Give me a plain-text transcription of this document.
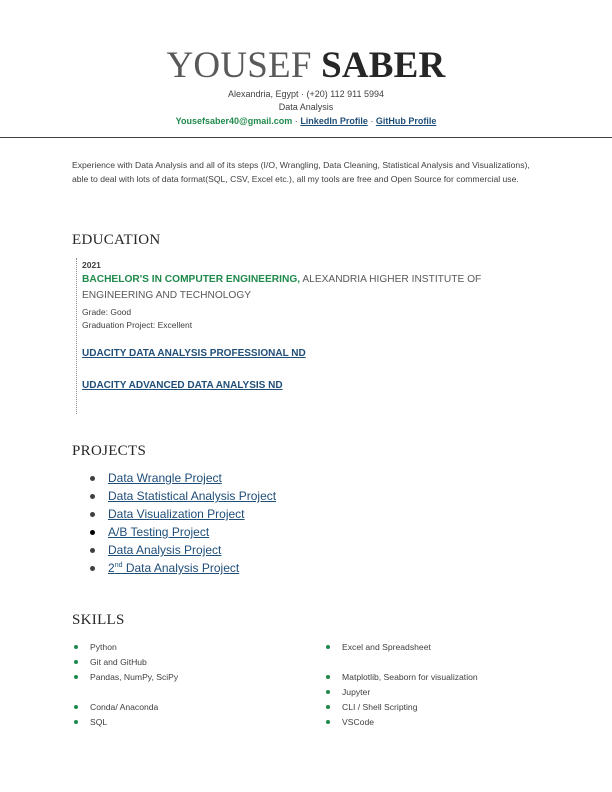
YOUSEF SABER
Alexandria, Egypt · (+20) 112 911 5994
Data Analysis
Yousefsaber40@gmail.com · LinkedIn Profile · GitHub Profile
Experience with Data Analysis and all of its steps (I/O, Wrangling, Data Cleaning, Statistical Analysis and Visualizations), able to deal with lots of data format(SQL, CSV, Excel etc.), all my tools are free and Open Source for commercial use.
EDUCATION
2021
BACHELOR'S IN COMPUTER ENGINEERING, ALEXANDRIA HIGHER INSTITUTE OF ENGINEERING AND TECHNOLOGY
Grade: Good
Graduation Project: Excellent
UDACITY DATA ANALYSIS PROFESSIONAL ND
UDACITY ADVANCED DATA ANALYSIS ND
PROJECTS
Data Wrangle Project
Data Statistical Analysis Project
Data Visualization Project
A/B Testing Project
Data Analysis Project
2nd Data Analysis Project
SKILLS
Python
Git and GitHub
Pandas, NumPy, SciPy
Conda/ Anaconda
SQL
Excel and Spreadsheet
Matplotlib, Seaborn for visualization
Jupyter
CLI / Shell Scripting
VSCode
